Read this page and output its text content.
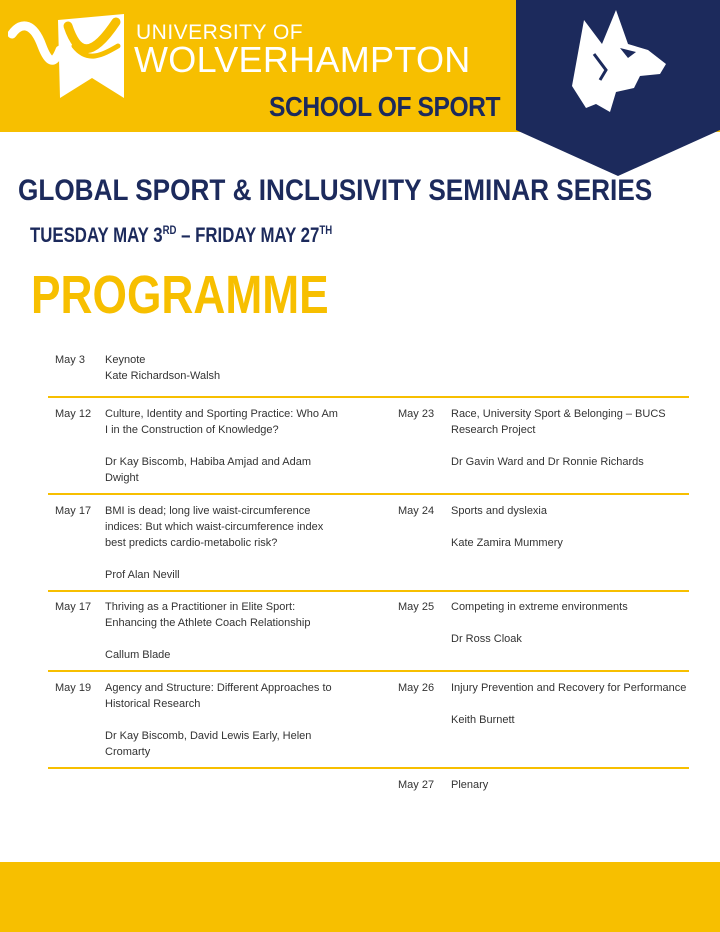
UNIVERSITY OF
WOLVERHAMPTON
SCHOOL OF SPORT
GLOBAL SPORT & INCLUSIVITY SEMINAR SERIES
TUESDAY MAY 3RD – FRIDAY MAY 27TH
PROGRAMME
May 3	Keynote
Kate Richardson-Walsh
May 12	Culture, Identity and Sporting Practice: Who Am I in the Construction of Knowledge?
Dr Kay Biscomb, Habiba Amjad and Adam Dwight
May 23	Race, University Sport & Belonging – BUCS Research Project
Dr Gavin Ward and Dr Ronnie Richards
May 17	BMI is dead; long live waist-circumference indices: But which waist-circumference index best predicts cardio-metabolic risk?
Prof Alan Nevill
May 24	Sports and dyslexia
Kate Zamira Mummery
May 17	Thriving as a Practitioner in Elite Sport: Enhancing the Athlete Coach Relationship
Callum Blade
May 25	Competing in extreme environments
Dr Ross Cloak
May 19	Agency and Structure: Different Approaches to Historical Research
Dr Kay Biscomb, David Lewis Early, Helen Cromarty
May 26	Injury Prevention and Recovery for Performance
Keith Burnett
May 27	Plenary
